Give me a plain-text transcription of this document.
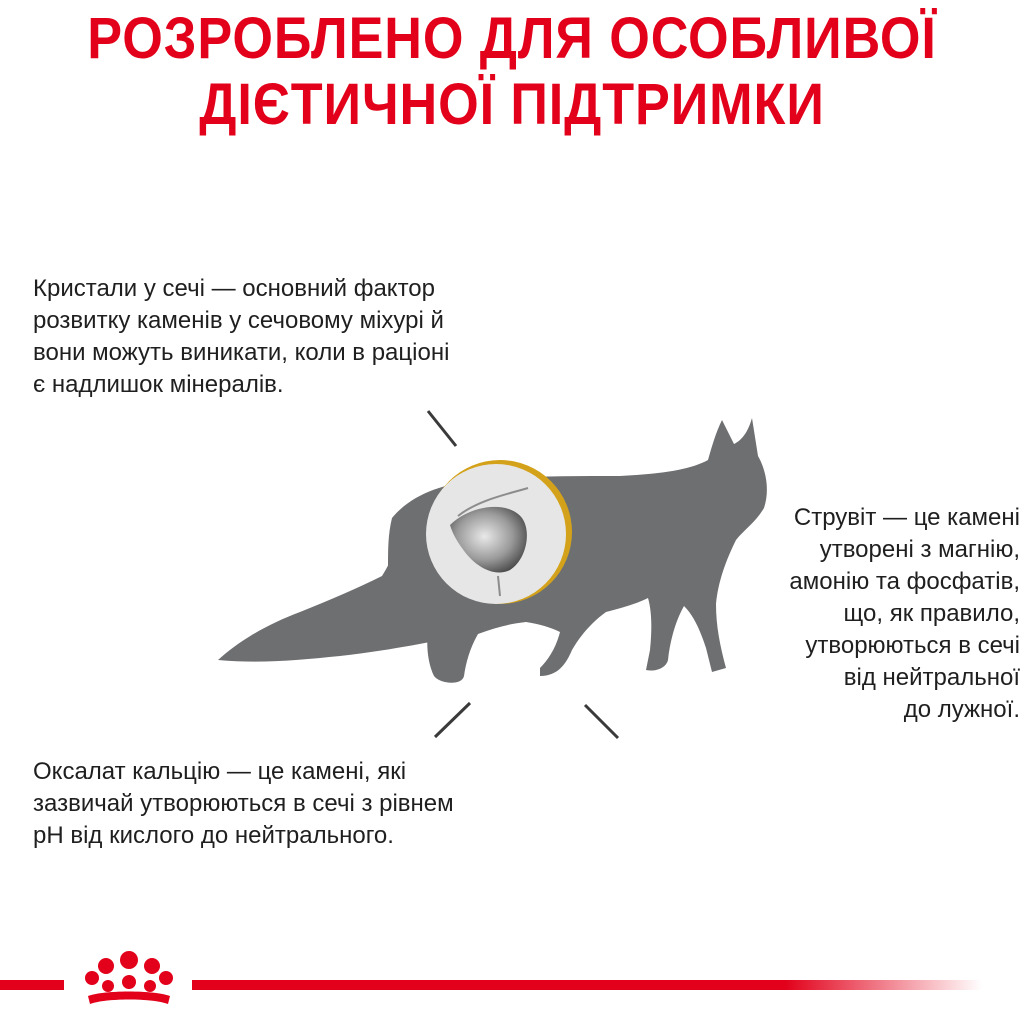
РОЗРОБЛЕНО ДЛЯ ОСОБЛИВОЇ
ДІЄТИЧНОЇ ПІДТРИМКИ
Кристали у сечі — основний фактор
розвитку каменів у сечовому міхурі й
вони можуть виникати, коли в раціоні
є надлишок мінералів.
Оксалат кальцію — це камені, які
зазвичай утворюються в сечі з рівнем
pH від кислого до нейтрального.
Струвіт — це камені
утворені з магнію,
амонію та фосфатів,
що, як правило,
утворюються в сечі
від нейтральної
до лужної.
